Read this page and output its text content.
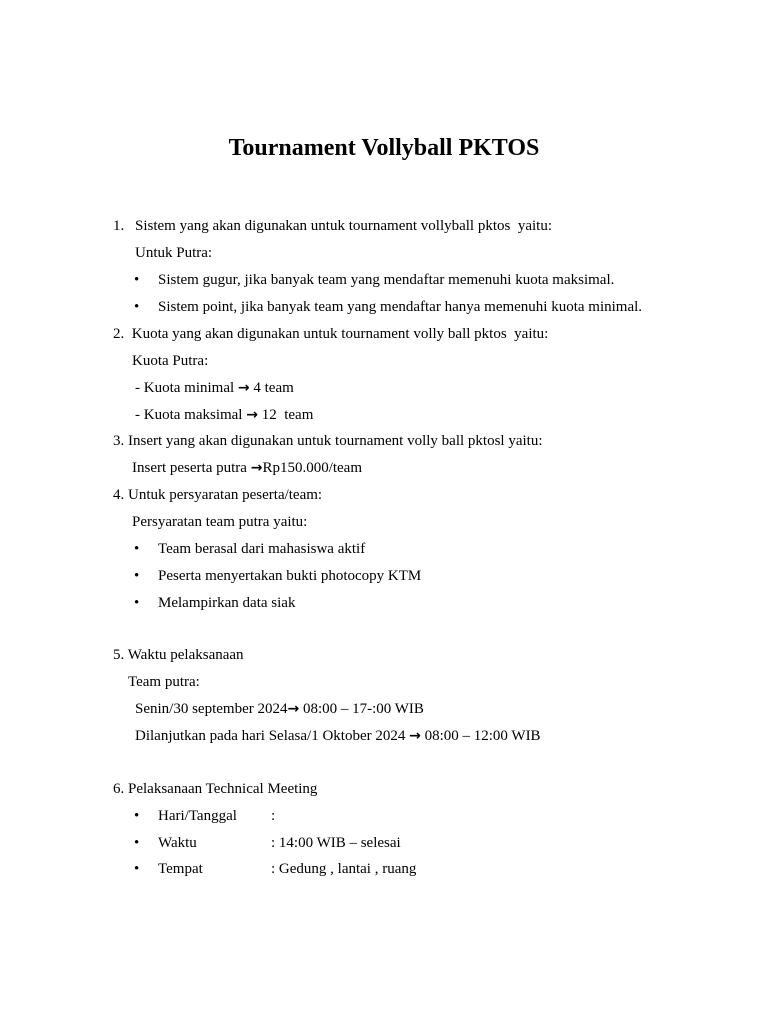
Tournament Vollyball PKTOS
1. Sistem yang akan digunakan untuk tournament vollyball pktos  yaitu:
Untuk Putra:
• Sistem gugur, jika banyak team yang mendaftar memenuhi kuota maksimal.
• Sistem point, jika banyak team yang mendaftar hanya memenuhi kuota minimal.
2.  Kuota yang akan digunakan untuk tournament volly ball pktos  yaitu:
Kuota Putra:
- Kuota minimal → 4 team
- Kuota maksimal → 12  team
3. Insert yang akan digunakan untuk tournament volly ball pktosl yaitu:
Insert peserta putra →Rp150.000/team
4. Untuk persyaratan peserta/team:
Persyaratan team putra yaitu:
• Team berasal dari mahasiswa aktif
• Peserta menyertakan bukti photocopy KTM
• Melampirkan data siak
5. Waktu pelaksanaan
Team putra:
Senin/30 september 2024→ 08:00 – 17-:00 WIB
Dilanjutkan pada hari Selasa/1 Oktober 2024 → 08:00 – 12:00 WIB
6. Pelaksanaan Technical Meeting
• Hari/Tanggal :
• Waktu	: 14:00 WIB – selesai
• Tempat	: Gedung , lantai , ruang
